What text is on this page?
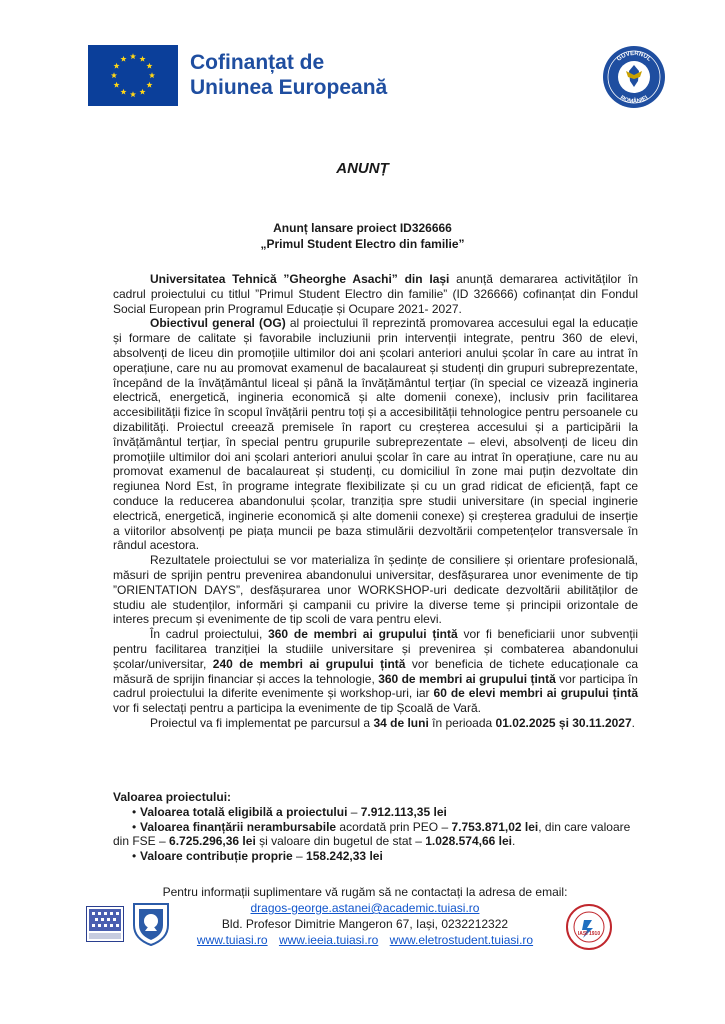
Cofinanțat de
Uniunea Europeană
GUVERNUL
ROMÂNIEI
ANUNȚ
Anunț lansare proiect ID326666
„Primul Student Electro din familie”

Universitatea Tehnică ”Gheorghe Asachi” din Iași anunță demararea activităților în cadrul proiectului cu titlul ”Primul Student Electro din familie” (ID 326666) cofinanțat din Fondul Social European prin Programul Educație și Ocupare 2021- 2027.

Obiectivul general (OG) al proiectului îl reprezintă promovarea accesului egal la educație și formare de calitate și favorabile incluziunii prin intervenții integrate, pentru 360 de elevi, absolvenți de liceu din promoțiile ultimilor doi ani școlari anteriori anului școlar în care au intrat în operațiune, care nu au promovat examenul de bacalaureat și studenți din grupuri subreprezentate, începând de la învățământul liceal și până la învățământul terțiar (în special ce vizează ingineria electrică, energetică, ingineria economică și alte domenii conexe), inclusiv prin facilitarea accesibilității fizice în scopul învățării pentru toți și a accesibilității tehnologice pentru persoanele cu dizabilități. Proiectul creează premisele în raport cu creșterea accesului și a participării la învățământul terțiar, în special pentru grupurile subreprezentate – elevi, absolvenți de liceu din promoțiile ultimilor doi ani școlari anteriori anului școlar în care au intrat în operațiune, care nu au promovat examenul de bacalaureat și studenți, cu domiciliul în zone mai puțin dezvoltate din regiunea Nord Est, în programe integrate flexibilizate și cu un grad ridicat de eficiență, fapt ce conduce la reducerea abandonului școlar, tranziția spre studii universitare (in special inginerie electrică, energetică, inginerie economică și alte domenii conexe) și creșterea gradului de inserție a viitorilor absolvenți pe piața muncii pe baza stimulării dezvoltării competențelor transversale în rândul acestora.

Rezultatele proiectului se vor materializa în ședințe de consiliere și orientare profesională, măsuri de sprijin pentru prevenirea abandonului universitar, desfășurarea unor evenimente de tip ”ORIENTATION DAYS”, desfășurarea unor WORKSHOP-uri dedicate dezvoltării abilităților de studiu ale studenților, informări și campanii cu privire la diverse teme și principii orizontale de interes precum și evenimente de tip scoli de vara pentru elevi.

În cadrul proiectului, 360 de membri ai grupului țintă vor fi beneficiarii unor subvenții pentru facilitarea tranziției la studiile universitare și prevenirea și combaterea abandonului școlar/universitar, 240 de membri ai grupului țintă vor beneficia de tichete educaționale ca măsură de sprijin financiar și acces la tehnologie, 360 de membri ai grupului țintă vor participa în cadrul proiectului la diferite evenimente și workshop-uri, iar 60 de elevi membri ai grupului țintă vor fi selectați pentru a participa la evenimente de tip Școală de Vară.

Proiectul va fi implementat pe parcursul a 34 de luni în perioada 01.02.2025 și 30.11.2027.

Valoarea proiectului:

• Valoarea totală eligibilă a proiectului – 7.912.113,35 lei

• Valoarea finanțării nerambursabile acordată prin PEO – 7.753.871,02 lei, din care valoare

din FSE – 6.725.296,36 lei și valoare din bugetul de stat – 1.028.574,66 lei.

• Valoare contribuție proprie – 158.242,33 lei

IAȘI 1910
Pentru informații suplimentare vă rugăm să ne contactați la adresa de email:
dragos-george.astanei@academic.tuiasi.ro
Bld. Profesor Dimitrie Mangeron 67, Iași, 0232212322
www.tuiasi.ro www.ieeia.tuiasi.ro www.eletrostudent.tuiasi.ro
